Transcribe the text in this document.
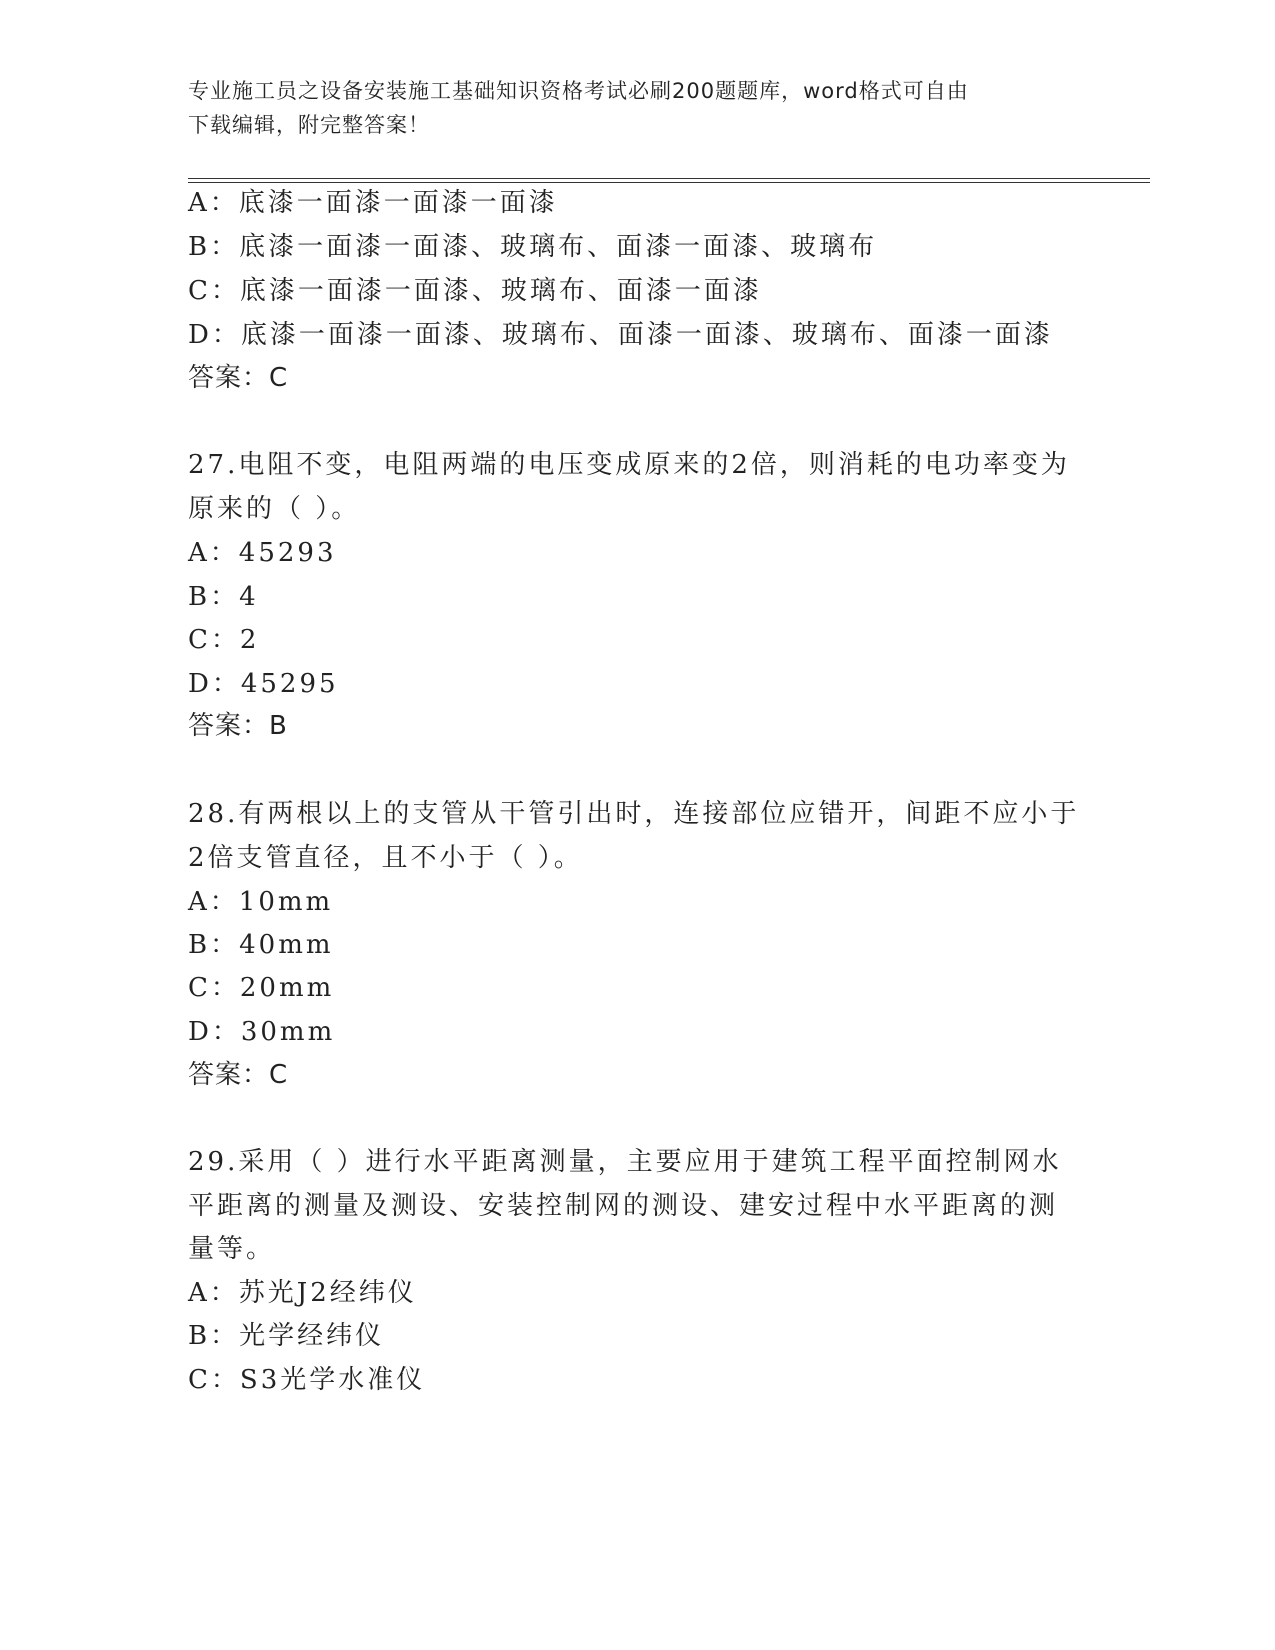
专业施工员之设备安装施工基础知识资格考试必刷200题题库，word格式可自由
下载编辑，附完整答案！
A：底漆一面漆一面漆一面漆
B：底漆一面漆一面漆、玻璃布、面漆一面漆、玻璃布
C：底漆一面漆一面漆、玻璃布、面漆一面漆
D：底漆一面漆一面漆、玻璃布、面漆一面漆、玻璃布、面漆一面漆
答案：C
27.电阻不变，电阻两端的电压变成原来的2倍，则消耗的电功率变为
原来的（ ）。
A：45293
B：4
C：2
D：45295
答案：B
28.有两根以上的支管从干管引出时，连接部位应错开，间距不应小于
2倍支管直径，且不小于（ ）。
A：10mm
B：40mm
C：20mm
D：30mm
答案：C
29.采用（ ）进行水平距离测量，主要应用于建筑工程平面控制网水
平距离的测量及测设、安装控制网的测设、建安过程中水平距离的测
量等。
A：苏光J2经纬仪
B：光学经纬仪
C：S3光学水准仪
